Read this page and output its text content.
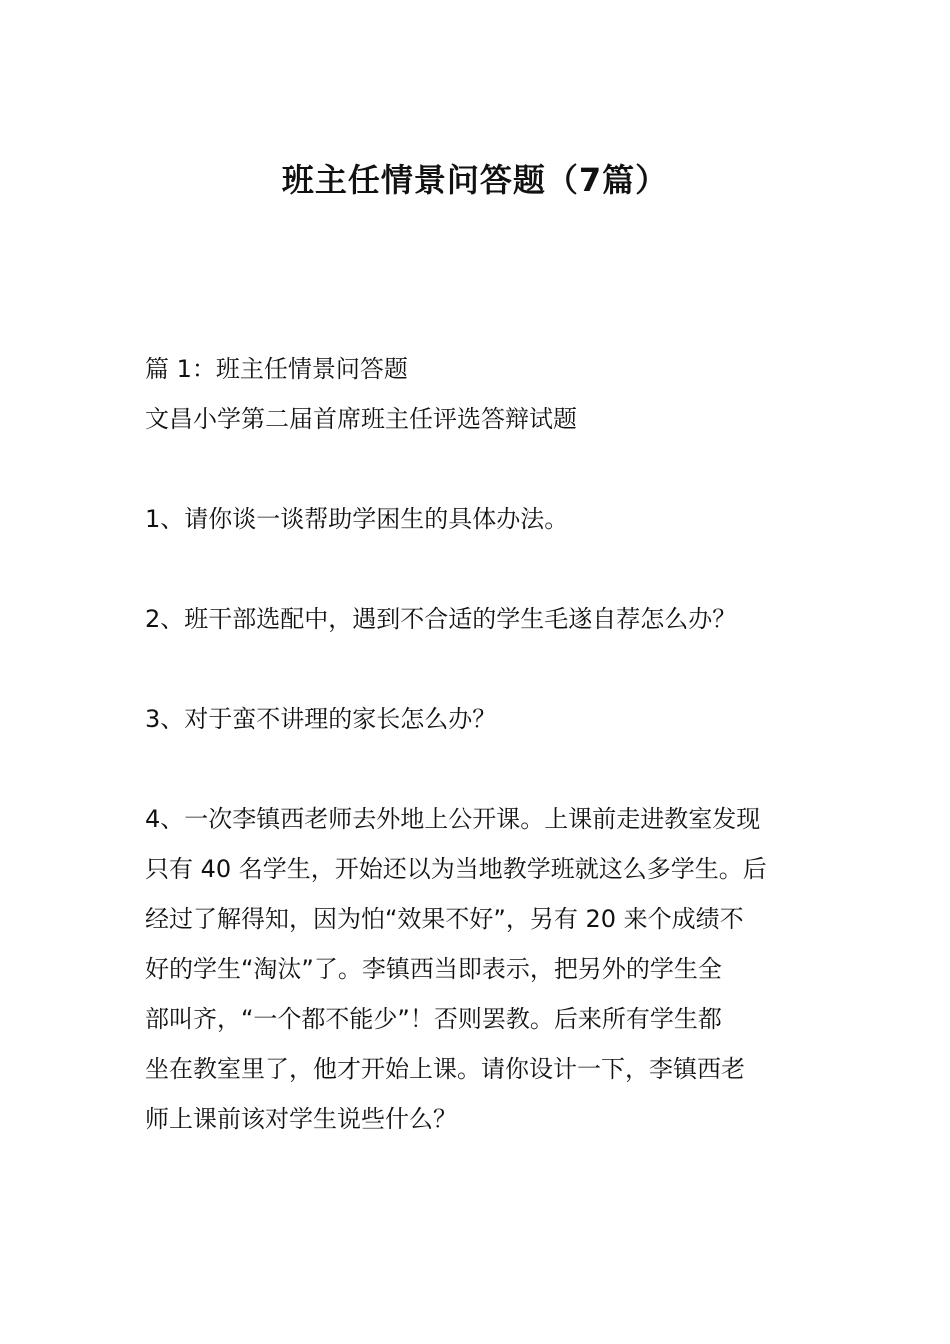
班主任情景问答题（7篇）
篇 1：班主任情景问答题
文昌小学第二届首席班主任评选答辩试题
1、请你谈一谈帮助学困生的具体办法。
2、班干部选配中，遇到不合适的学生毛遂自荐怎么办？
3、对于蛮不讲理的家长怎么办？
4、一次李镇西老师去外地上公开课。上课前走进教室发现
只有 40 名学生，开始还以为当地教学班就这么多学生。后
经过了解得知，因为怕“效果不好”，另有 20 来个成绩不
好的学生“淘汰”了。李镇西当即表示，把另外的学生全
部叫齐，“一个都不能少”！否则罢教。后来所有学生都
坐在教室里了，他才开始上课。请你设计一下，李镇西老
师上课前该对学生说些什么？
